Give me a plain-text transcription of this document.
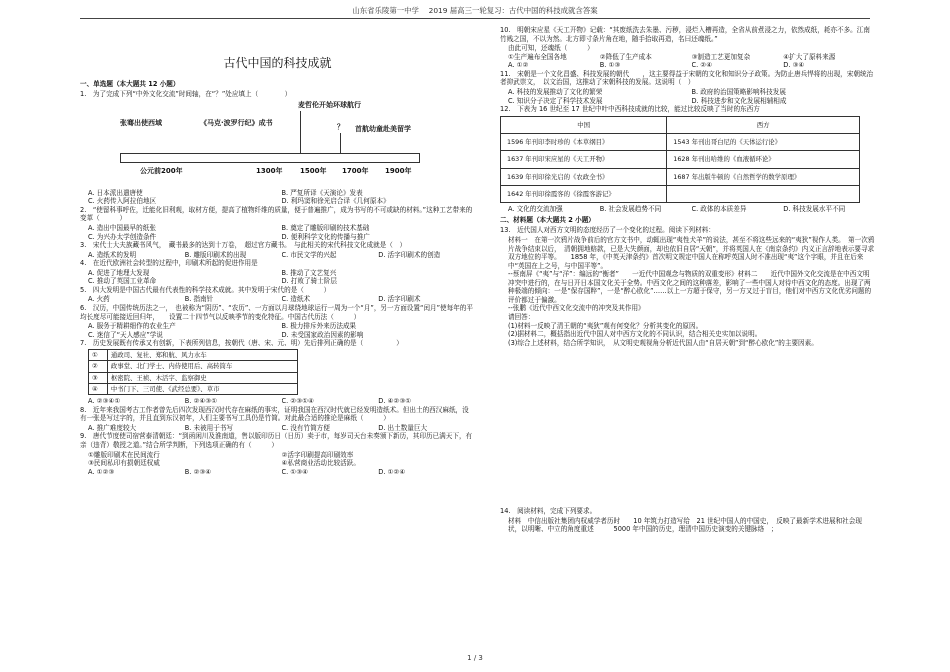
山东省乐陵第一中学　 2019 届高三一轮复习：古代中国的科技成就含答案
古代中国的科技成就
一、单选题（本大题共 12 小题）
1.　为了完成下列“中外文化交流”时间轴，在“？”处应填上（　　　　）
麦哲伦开始环球航行
张骞出使西域	《马克·波罗行纪》成书	？ 首航幼童赴美留学
公元前200年	1300年	1500年 1700年 1900年
A. 日本派出遣唐使	B. 严复所译《天演论》发表
C. 火药传入阿拉伯地区	D. 利玛窦和徐光启合译《几何原本》
2.　“使留科事呼佐，迁能化旧利观，取材方便，提高了植物纤维的质量，便于普遍推广，成为书写的不可或缺的材料。”这种工艺带来的变革（　　　）
A. 造出中国最早的纸张	B. 奠定了雕版印刷的技术基础
C. 为兴办太学创造条件	D. 便利科学文化的传播与推广
3.　宋代士大夫族藏书风气，　藏书最多的达到十万卷，　超过官方藏书。　与此相关的宋代科技文化成就是（　）
A. 造纸术的发明	B. 雕版印刷术的出现	C. 市民文学的兴起	D. 活字印刷术的创造
4.　在近代欧洲社会转型的过程中，印刷术所起的促进作用是
A. 促进了地理大发现	B. 推动了文艺复兴
C. 推动了英国工业革命	D. 打败了骑士阶层
5.　四大发明是中国古代最有代表性的科学技术成就。其中发明于宋代的是（　　　）
A. 火药	B. 指南针	C. 造纸术	D. 活字印刷术
6.　汉历，中国传统历法之一，　也被称为“阴历”、“农历”、一方面以月球绕地球运行一周为一个“月”，另一方面设置“闰月”使每年的平均长度尽可能接近回归年，　　设置二十四节气以反映季节的变化特征。中国古代历法（　　　）
A. 服务于精耕细作的农业生产	B. 极力排斥外来历法成果
C. 迷信了“天人感应”学说	D. 未受国家政治因素的影响
7.　历史发展既有传承又有创新，下表所列信息，按朝代（唐、宋、元、明）先后排列正确的是（　　　　　）
①	通政司、复社、郑和航、风力水车
②	政事堂、北门学士、内侍使用后、高转筒车
③	枢密院、王祯、木活字、监察御史
④	中书门下、三司使、《武经总要》、草市
A. ②③④①	B. ②④③①	C. ②③①④	D. ④②③①
8.　近年来我国考古工作者曾先后四次发现西汉时代存在麻纸的事实，证明我国在西汉时代就已经发明造纸术。但出土的西汉麻纸，没有一张是写过字的，并且直到东汉初年，人们主要书写工具仍是竹简。对此最合适的推论是麻纸（　　　）
A. 推广难度较大	B. 未被用于书写	C. 没有竹简方便	D. 出土数量巨大
9.　唐代节度使司宿营泰清朝廷：“到函闲川及淮南道，售以版印历日（日历）卖于市，每岁司天台未奏颁下新历，其印历已满天下，有亲（违背）敬授之道。”结合所学判断，下列选项正确的有（　　　）
①雕版印刷术在民间流行	②活字印刷提高印刷效率
③民间私印有损朝廷权威	④私营商业活动比较活跃。
A. ①②③	B. ②③④	C. ①③④	D. ①②④
10.　明朝宋应星《天工开物》记载：“其废纸洗去朱墨、污秽，浸烂入槽再造，全省从前煮浸之力，依然成纸，耗亦不多。江南竹贱之国，不以为然。北方即寸条片角在地，随手拾取再造，名曰还魂纸。”
由此可知，还魂纸（　　　）
①生产遍布全国各地	②降低了生产成本	③制造工艺更加复杂	④扩大了原料来源
A. ①②	B. ①③	C. ②④	D. ③④
11.　宋朝是一个文化昌盛、科技发展的朝代　　，这主要得益于宋朝的文化和知识分子政策。为防止唐兵悍将的出现，宋朝统治者抑武崇文，　以文治国，这推动了宋朝科技的发展。这说明（　）
A. 科技的发展推动了文化的繁荣	B. 政府的治国策略影响科技发展
C. 知识分子决定了科学技术发展	D. 科技进步和文化发展相辅相成
12.　下表为 16 世纪至 17 世纪中叶中西科技成就的比较，能过比较反映了当时的东西方
中国	西方
1596 年刊印李时珍的《本草纲目》	1543 年刊出哥白尼的《天体运行论》
1637 年刊印宋应星的《天工开物》	1628 年刊出哈维的《血液循环论》
1639 年刊印徐光启的《农政全书》	1687 年出版牛顿的《自然哲学的数学原理》
1642 年刊印徐霞客的《徐霞客游记》	
A. 文化的交流加强	B. 社会发展趋势不同	C. 政体的本质差异	D. 科技发展水平不同
二、材料题（本大题共 2 小题）
13.　近代国人对西方文明的态度经历了一个变化的过程。阅读下列材料：
材料一　在第一次鸦片战争前后的官方文书中，动辄出现“夷性犬羊”的说法，甚至不将这些远来的“夷狄”视作人类。　第一次鸦片战争结束以后，　清朝拥地赔款，已是大失颜面，却也依旧自居“天朝”，并将英国人在《南京条约》内义正言辞地表示要寻求双方地位的平等。　　1858 年，《中英天津条约》首次明文规定中国人在称呼英国人时不准出现“夷”这个字眼，并且在后来中“英国在上之号，与中国平等”。
--蔡南屏《“夷”与“洋”：编远的“衡者”　　一近代中国观念与物质的双重变形》材料二　　近代中国外文化交流是在中西文明冲突中进行的，在与日开日本国文化关于全势。中西文化之间的这种落差，影响了一些中国人对待中西文化的态度。出现了两种极端的倾向：一是“保存国粹”，一是“醉心欧化”……以上一方超于保守，另一方又过于盲目，他们对中西方文化优劣问题的评价都过于偏激。
--张鹏《近代中西文化交流中的冲突及其作用》
请回答：
(1)材料一反映了清王朝的“夷狄”观有何变化？分析其变化的原因。
(2)据材料二，概括指出近代中国人对中西方文化的不同认识，结合相关史实加以说明。
(3)综合上述材料，结合所学知识，　从文明史观视角分析近代国人由“自居天朝”到“醉心欧化”的主要因素。
14.　阅读材料，完成下列要求。
材料　中信出版社集团内权威学者历时　　10 年筑力打造写给　21 世纪中国人的中国史，　反映了最新学术进展和社会现状，以明晰、中立的角度重述　　　5000 年中国的历史，理清中国历史演变的关键脉络　；
1 / 3
